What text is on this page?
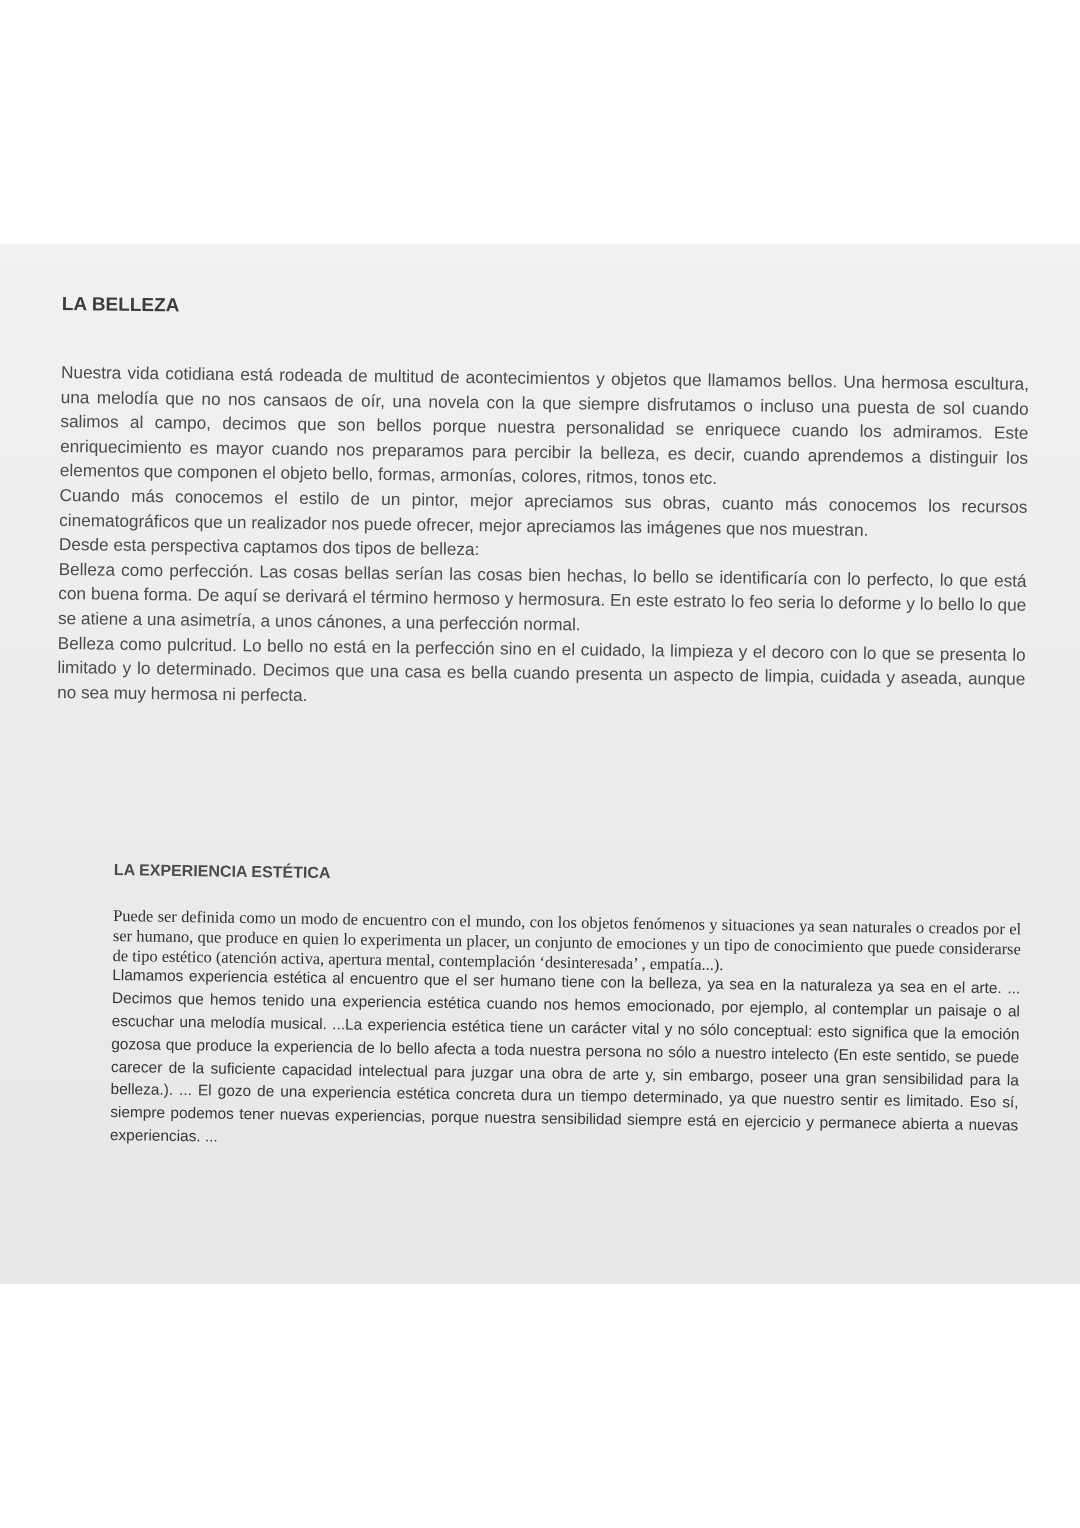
LA BELLEZA

Nuestra vida cotidiana está rodeada de multitud de acontecimientos y objetos que llamamos bellos. Una hermosa escultura, una melodía que no nos cansaos de oír, una novela con la que siempre disfrutamos o incluso una puesta de sol cuando salimos al campo, decimos que son bellos porque nuestra personalidad se enriquece cuando los admiramos. Este enriquecimiento es mayor cuando nos preparamos para percibir la belleza, es decir, cuando aprendemos a distinguir los elementos que componen el objeto bello, formas, armonías, colores, ritmos, tonos etc.

Cuando más conocemos el estilo de un pintor, mejor apreciamos sus obras, cuanto más conocemos los recursos cinematográficos que un realizador nos puede ofrecer, mejor apreciamos las imágenes que nos muestran.

Desde esta perspectiva captamos dos tipos de belleza:

Belleza como perfección. Las cosas bellas serían las cosas bien hechas, lo bello se identificaría con lo perfecto, lo que está con buena forma. De aquí se derivará el término hermoso y hermosura. En este estrato lo feo seria lo deforme y lo bello lo que se atiene a una asimetría, a unos cánones, a una perfección normal.

Belleza como pulcritud. Lo bello no está en la perfección sino en el cuidado, la limpieza y el decoro con lo que se presenta lo limitado y lo determinado. Decimos que una casa es bella cuando presenta un aspecto de limpia, cuidada y aseada, aunque no sea muy hermosa ni perfecta.

LA EXPERIENCIA ESTÉTICA

Puede ser definida como un modo de encuentro con el mundo, con los objetos fenómenos y situaciones ya sean naturales o creados por el ser humano, que produce en quien lo experimenta un placer, un conjunto de emociones y un tipo de conocimiento que puede considerarse de tipo estético (atención activa, apertura mental, contemplación ‘desinteresada’ , empatía...).

Llamamos experiencia estética al encuentro que el ser humano tiene con la belleza, ya sea en la naturaleza ya sea en el arte. ... Decimos que hemos tenido una experiencia estética cuando nos hemos emocionado, por ejemplo, al contemplar un paisaje o al escuchar una melodía musical. ...La experiencia estética tiene un carácter vital y no sólo conceptual: esto significa que la emoción gozosa que produce la experiencia de lo bello afecta a toda nuestra persona no sólo a nuestro intelecto (En este sentido, se puede carecer de la suficiente capacidad intelectual para juzgar una obra de arte y, sin embargo, poseer una gran sensibilidad para la belleza.). ... El gozo de una experiencia estética concreta dura un tiempo determinado, ya que nuestro sentir es limitado. Eso sí, siempre podemos tener nuevas experiencias, porque nuestra sensibilidad siempre está en ejercicio y permanece abierta a nuevas experiencias. ...
